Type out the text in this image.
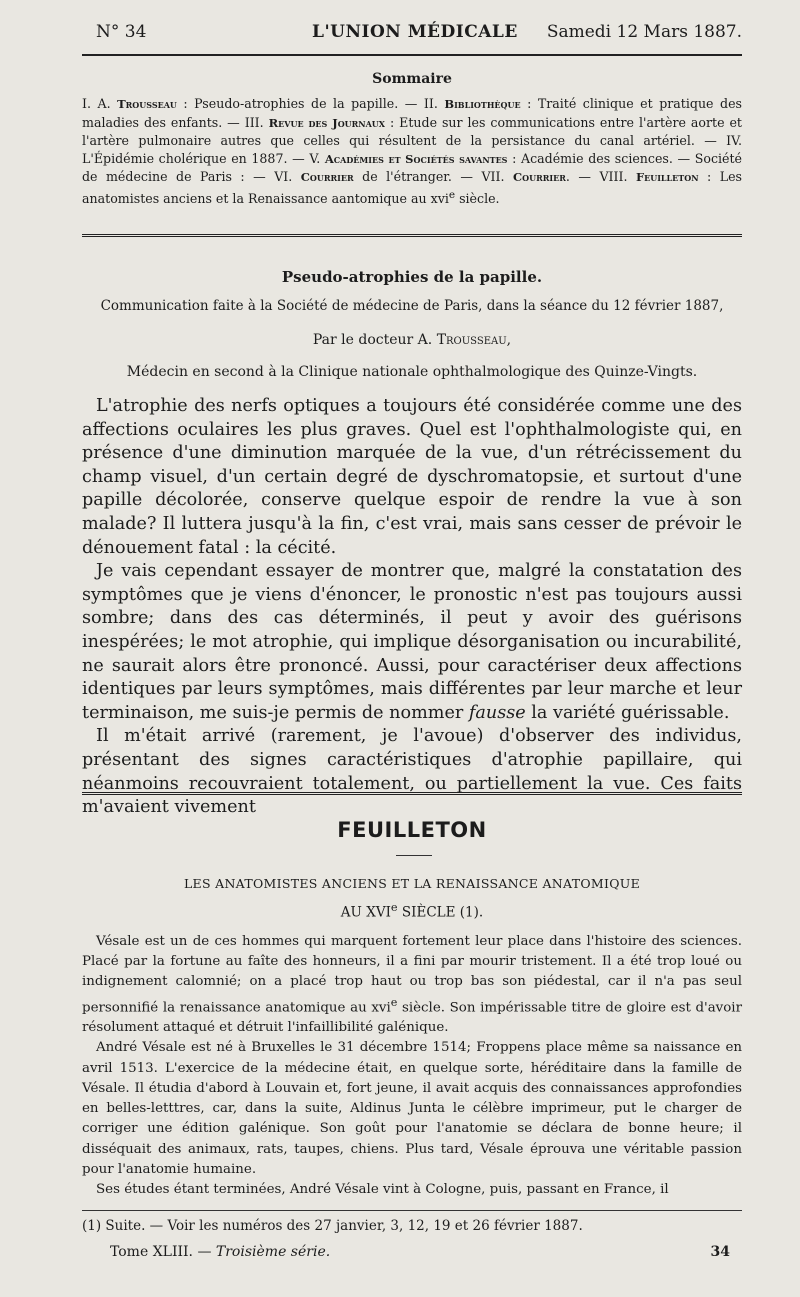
N° 34	L'UNION MÉDICALE Samedi 12 Mars 1887.
Sommaire
I. A. Trousseau : Pseudo-atrophies de la papille. — II. Bibliothèque : Traité clinique et pratique des maladies des enfants. — III. Revue des Journaux : Etude sur les communications entre l'artère aorte et l'artère pulmonaire autres que celles qui résultent de la persistance du canal artériel. — IV. L'Épidémie cholérique en 1887. — V. Académies et Sociétés savantes : Académie des sciences. — Société de médecine de Paris : — VI. Courrier de l'étranger. — VII. Courrier. — VIII. Feuilleton : Les anatomistes anciens et la Renaissance aantomique au xvi$^e$ siècle.
Pseudo-atrophies de la papille.
Communication faite à la Société de médecine de Paris, dans la séance du 12 février 1887,
Par le docteur A. Trousseau,
Médecin en second à la Clinique nationale ophthalmologique des Quinze-Vingts.

L'atrophie des nerfs optiques a toujours été considérée comme une des affections oculaires les plus graves. Quel est l'ophthalmologiste qui, en présence d'une diminution marquée de la vue, d'un rétrécissement du champ visuel, d'un certain degré de dyschromatopsie, et surtout d'une papille décolorée, conserve quelque espoir de rendre la vue à son malade? Il luttera jusqu'à la fin, c'est vrai, mais sans cesser de prévoir le dénouement fatal : la cécité.

Je vais cependant essayer de montrer que, malgré la constatation des symptômes que je viens d'énoncer, le pronostic n'est pas toujours aussi sombre; dans des cas déterminés, il peut y avoir des guérisons inespérées; le mot atrophie, qui implique désorganisation ou incurabilité, ne saurait alors être prononcé. Aussi, pour caractériser deux affections identiques par leurs symptômes, mais différentes par leur marche et leur terminaison, me suis-je permis de nommer fausse la variété guérissable.

Il m'était arrivé (rarement, je l'avoue) d'observer des individus, présentant des signes caractéristiques d'atrophie papillaire, qui néanmoins recouvraient totalement, ou partiellement la vue. Ces faits m'avaient vivement

FEUILLETON
LES ANATOMISTES ANCIENS ET LA RENAISSANCE ANATOMIQUE
AU XVIe SIÈCLE (1).

Vésale est un de ces hommes qui marquent fortement leur place dans l'histoire des sciences. Placé par la fortune au faîte des honneurs, il a fini par mourir tristement. Il a été trop loué ou indignement calomnié; on a placé trop haut ou trop bas son piédestal, car il n'a pas seul personnifié la renaissance anatomique au xvi$^e$ siècle. Son impérissable titre de gloire est d'avoir résolument attaqué et détruit l'infaillibilité galénique.

André Vésale est né à Bruxelles le 31 décembre 1514; Froppens place même sa naissance en avril 1513. L'exercice de la médecine était, en quelque sorte, héréditaire dans la famille de Vésale. Il étudia d'abord à Louvain et, fort jeune, il avait acquis des connaissances approfondies en belles-letttres, car, dans la suite, Aldinus Junta le célèbre imprimeur, put le charger de corriger une édition galénique. Son goût pour l'anatomie se déclara de bonne heure; il disséquait des animaux, rats, taupes, chiens. Plus tard, Vésale éprouva une véritable passion pour l'anatomie humaine.

Ses études étant terminées, André Vésale vint à Cologne, puis, passant en France, il

(1) Suite. — Voir les numéros des 27 janvier, 3, 12, 19 et 26 février 1887.
Tome XLIII. — Troisième série.	34
